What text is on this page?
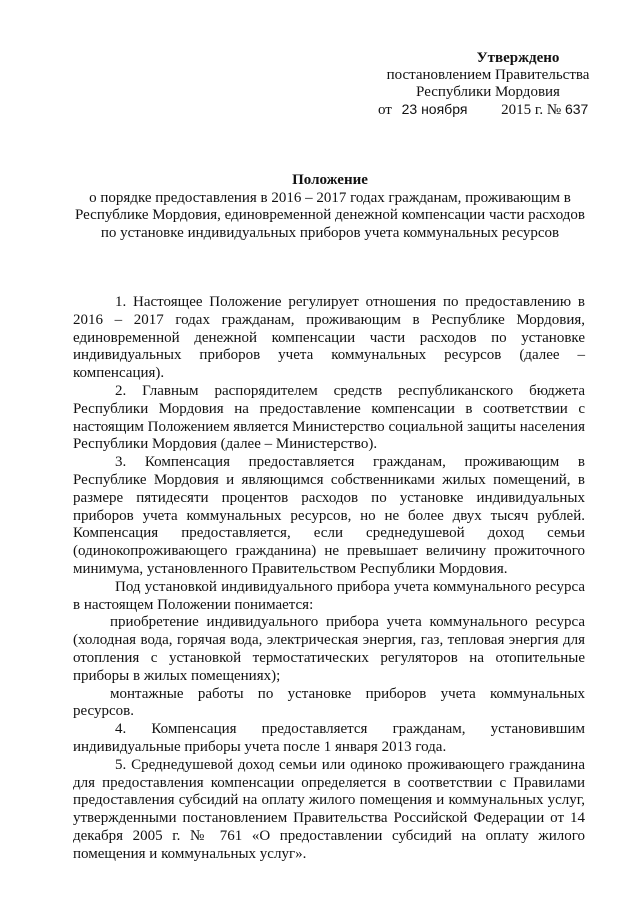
Утверждено
постановлением Правительства
Республики Мордовия
от 23 ноября 2015 г. № 637
Положение
о порядке предоставления в 2016 – 2017 годах гражданам, проживающим в Республике Мордовия, единовременной денежной компенсации части расходов по установке индивидуальных приборов учета коммунальных ресурсов

1. Настоящее Положение регулирует отношения по предоставлению в 2016 – 2017 годах гражданам, проживающим в Республике Мордовия, единовременной денежной компенсации части расходов по установке индивидуальных приборов учета коммунальных ресурсов (далее – компенсация).

2. Главным распорядителем средств республиканского бюджета Республики Мордовия на предоставление компенсации в соответствии с настоящим Положением является Министерство социальной защиты населения Республики Мордовия (далее – Министерство).

3. Компенсация предоставляется гражданам, проживающим в Республике Мордовия и являющимся собственниками жилых помещений, в размере пятидесяти процентов расходов по установке индивидуальных приборов учета коммунальных ресурсов, но не более двух тысяч рублей. Компенсация предоставляется, если среднедушевой доход семьи (одинокопроживающего гражданина) не превышает величину прожиточного минимума, установленного Правительством Республики Мордовия.

Под установкой индивидуального прибора учета коммунального ресурса в настоящем Положении понимается:

приобретение индивидуального прибора учета коммунального ресурса (холодная вода, горячая вода, электрическая энергия, газ, тепловая энергия для отопления с установкой термостатических регуляторов на отопительные приборы в жилых помещениях);

монтажные работы по установке приборов учета коммунальных ресурсов.

4. Компенсация предоставляется гражданам, установившим индивидуальные приборы учета после 1 января 2013 года.

5. Среднедушевой доход семьи или одиноко проживающего гражданина для предоставления компенсации определяется в соответствии с Правилами предоставления субсидий на оплату жилого помещения и коммунальных услуг, утвержденными постановлением Правительства Российской Федерации от 14 декабря 2005 г. № 761 «О предоставлении субсидий на оплату жилого помещения и коммунальных услуг».
